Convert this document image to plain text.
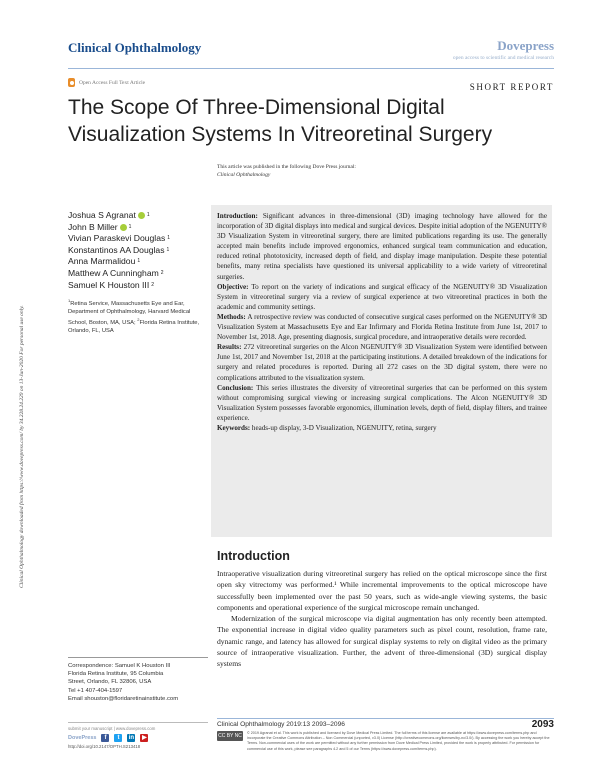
Clinical Ophthalmology	Dovepress
open access to scientific and medical research
Open Access Full Text Article	SHORT REPORT
The Scope Of Three-Dimensional Digital Visualization Systems In Vitreoretinal Surgery
Clinical Ophthalmology downloaded from https://www.dovepress.com/ by 34.228.24.229 on 13-Jun-2020 For personal use only.
This article was published in the following Dove Press journal:
Clinical Ophthalmology
Joshua S Agranat 1
John B Miller 1
Vivian Paraskevi Douglas 1
Konstantinos AA Douglas 1
Anna Marmalidou 1
Matthew A Cunningham 2
Samuel K Houston III 2
$^1$Retina Service, Massachusetts Eye and Ear, Department of Ophthalmology, Harvard Medical School, Boston, MA, USA; $^2$Florida Retina Institute, Orlando, FL, USA

Introduction: Significant advances in three-dimensional (3D) imaging technology have allowed for the incorporation of 3D digital displays into medical and surgical devices. Despite initial adoption of the NGENUITY® 3D Visualization System in vitreoretinal surgery, there are limited publications regarding its use. The generally accepted main benefits include improved ergonomics, enhanced surgical team communication and education, reduced retinal phototoxicity, increased depth of field, and display image manipulation. Despite these potential benefits, many retina specialists have questioned its universal applicability to a wide variety of vitreoretinal surgeries.

Objective: To report on the variety of indications and surgical efficacy of the NGENUITY® 3D Visualization System in vitreoretinal surgery via a review of surgical experience at two vitreoretinal practices in both the academic and community settings.

Methods: A retrospective review was conducted of consecutive surgical cases performed on the NGENUITY® 3D Visualization System at Massachusetts Eye and Ear Infirmary and Florida Retina Institute from June 1st, 2017 to November 1st, 2018. Age, presenting diagnosis, surgical procedure, and intraoperative details were recorded.

Results: 272 vitreoretinal surgeries on the Alcon NGENUITY® 3D Visualization System were identified between June 1st, 2017 and November 1st, 2018 at the participating institutions. A detailed breakdown of the indications for surgery and related procedures is reported. During all 272 cases on the 3D digital system, there were no complications attributed to the visualization system.

Conclusion: This series illustrates the diversity of vitreoretinal surgeries that can be performed on this system without compromising surgical viewing or increasing surgical complications. The Alcon NGENUITY® 3D Visualization System possesses favorable ergonomics, illumination levels, depth of field, display filters, and trainee experience.

Keywords: heads-up display, 3-D Visualization, NGENUITY, retina, surgery

Introduction

Intraoperative visualization during vitreoretinal surgery has relied on the optical microscope since the first open sky vitrectomy was performed.¹ While incremental improvements to the optical microscope have successfully been implemented over the past 50 years, such as wide-angle viewing systems, the basic components and operational experience of the surgical microscope remain unchanged.

Modernization of the surgical microscope via digital augmentation has only recently been attempted. The exponential increase in digital video quality parameters such as pixel count, resolution, frame rate, dynamic range, and latency has allowed for surgical display systems to rely on digital video as the primary source of intraoperative visualization. Further, the advent of three-dimensional (3D) surgical display systems

Correspondence: Samuel K Houston III
Florida Retina Institute, 95 Columbia
Street, Orlando, FL 32806, USA
Tel +1 407-404-1597
Email shouston@floridaretinainstitute.com
submit your manuscript | www.dovepress.com
DovePress	f	t	in ▶
http://doi.org/10.2147/OPTH.S213418
Clinical Ophthalmology 2019:13 2093–2096	2093
CC BY NC © 2019 Agranat et al. This work is published and licensed by Dove Medical Press Limited. The full terms of this license are available at https://www.dovepress.com/terms.php and incorporate the Creative Commons Attribution – Non Commercial (unported, v3.0) License (http://creativecommons.org/licenses/by-nc/3.0/). By accessing the work you hereby accept the Terms. Non-commercial uses of the work are permitted without any further permission from Dove Medical Press Limited, provided the work is properly attributed. For permission for commercial use of this work, please see paragraphs 4.2 and 5 of our Terms (https://www.dovepress.com/terms.php).
